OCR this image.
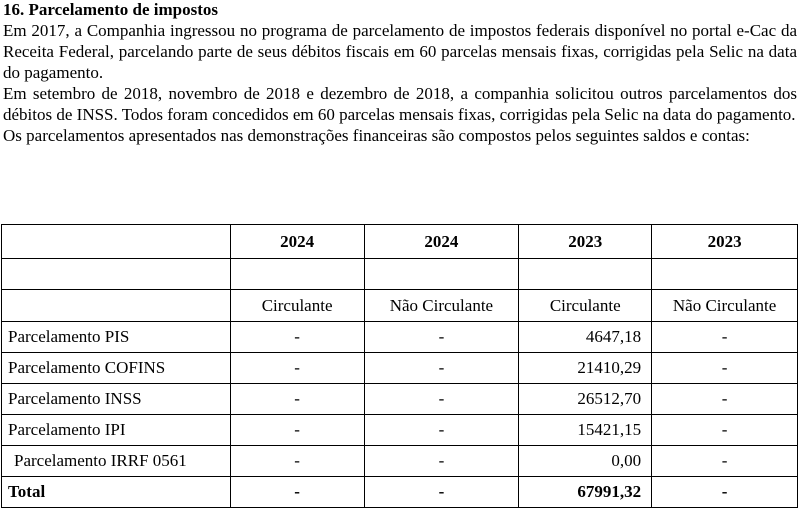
16. Parcelamento de impostos

Em 2017, a Companhia ingressou no programa de parcelamento de impostos federais disponível no portal e-Cac da Receita Federal, parcelando parte de seus débitos fiscais em 60 parcelas mensais fixas, corrigidas pela Selic na data do pagamento.

Em setembro de 2018, novembro de 2018 e dezembro de 2018, a companhia solicitou outros parcelamentos dos débitos de INSS. Todos foram concedidos em 60 parcelas mensais fixas, corrigidas pela Selic na data do pagamento.

Os parcelamentos apresentados nas demonstrações financeiras são compostos pelos seguintes saldos e contas:

	2024	2024	2023	2023

	Circulante	Não Circulante	Circulante	Não Circulante
Parcelamento PIS	-	-	4647,18	-
Parcelamento COFINS	-	-	21410,29	-
Parcelamento INSS	-	-	26512,70	-
Parcelamento IPI	-	-	15421,15	-
Parcelamento IRRF 0561	-	-	0,00	-
Total	-	-	67991,32	-
